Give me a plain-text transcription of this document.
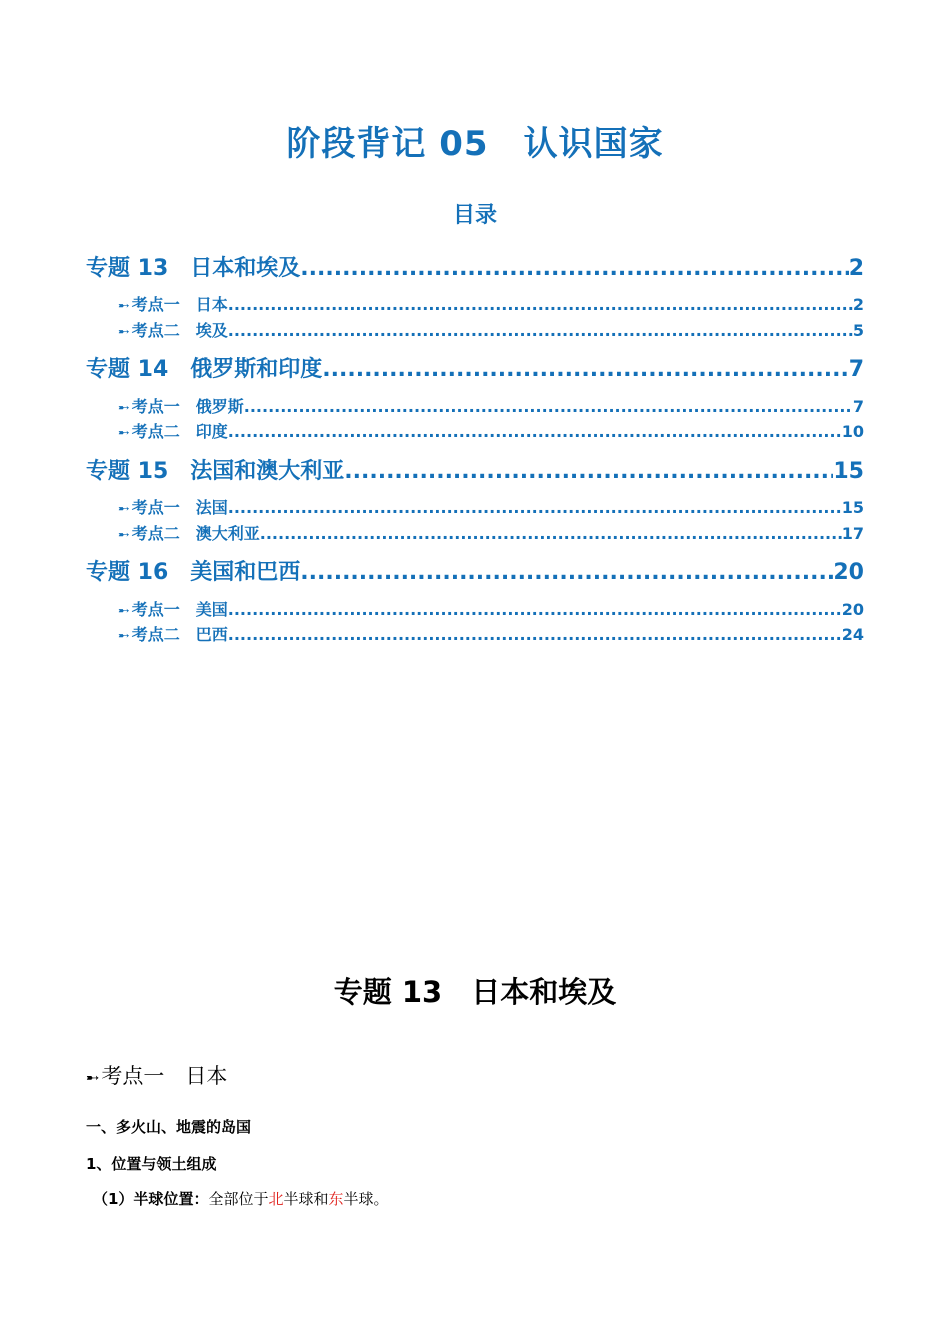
阶段背记 05　认识国家
目录
专题 13　日本和埃及 .....	2
➸ 考点一　日本 .....	2
➸ 考点二　埃及 .....	5
专题 14　俄罗斯和印度 .....	7
➸ 考点一　俄罗斯 .....	7
➸ 考点二　印度 .....	10
专题 15　法国和澳大利亚 .....	15
➸ 考点一　法国 .....	15
➸ 考点二　澳大利亚 .....	17
专题 16　美国和巴西 .....	20
➸ 考点一　美国 .....	20
➸ 考点二　巴西 .....	24
专题 13　日本和埃及
➸考点一　日本
一、多火山、地震的岛国
1、位置与领土组成
（1）半球位置：全部位于北半球和东半球。
